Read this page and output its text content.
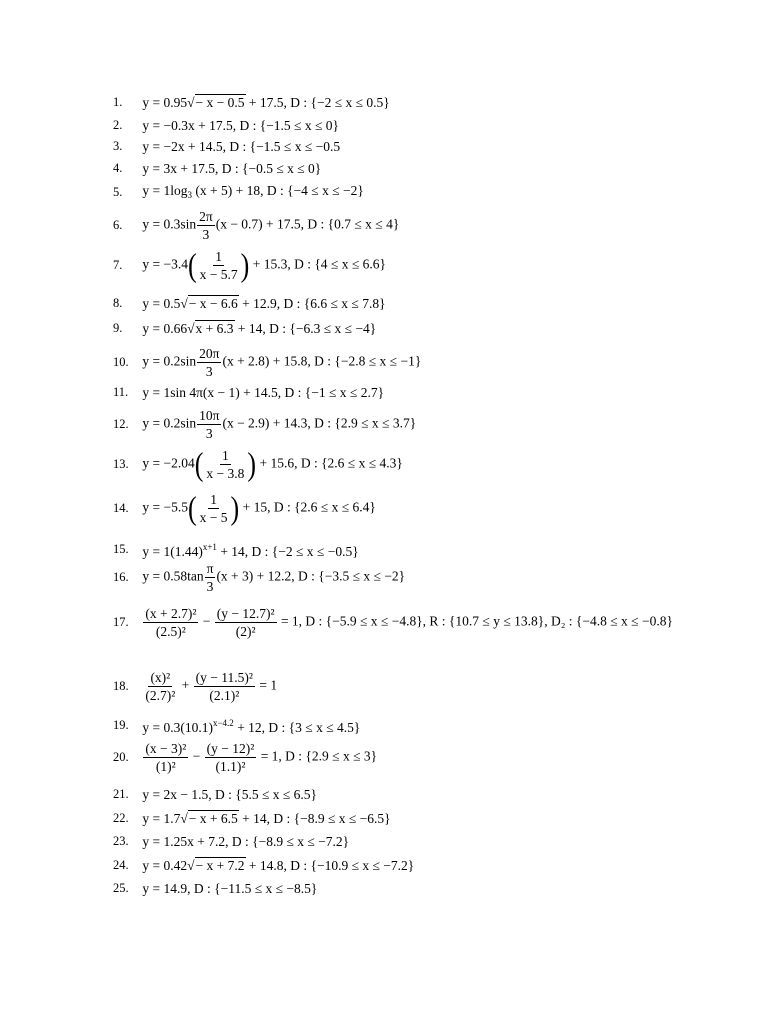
1. y = 0.95√− x − 0.5 + 17.5, D : {−2 ≤ x ≤ 0.5}
2. y = −0.3x + 17.5, D : {−1.5 ≤ x ≤ 0}
3. y = −2x + 14.5, D : {−1.5 ≤ x ≤ −0.5
4. y = 3x + 17.5, D : {−0.5 ≤ x ≤ 0}
5. $y = 1\log_3$ (x + 5) + 18, D : {−4 ≤ x ≤ −2}
6. $y = 0.3\sin \frac{2\pi}{3} (x - 0.7) + 17.5$, D : {0.7 ≤ x ≤ 4}
7. $y = -3.4( \frac{1}{x - 5.7}$ ) + 15.3, D : {4 ≤ x ≤ 6.6}
8. y = 0.5√− x − 6.6 + 12.9, D : {6.6 ≤ x ≤ 7.8}
9. y = 0.66√x + 6.3 + 14, D : {−6.3 ≤ x ≤ −4}
10. $y = 0.2\sin \frac{20\pi}{3} (x + 2.8) + 15.8$, D : {−2.8 ≤ x ≤ −1}
11. y = 1sin 4π(x − 1) + 14.5, D : {−1 ≤ x ≤ 2.7}
12. $y = 0.2\sin \frac{10\pi}{3} (x - 2.9) + 14.3$, D : {2.9 ≤ x ≤ 3.7}
13. $y = -2.04( \frac{1}{x - 3.8}$ ) + 15.6, D : {2.6 ≤ x ≤ 4.3}
14. $y = -5.5( \frac{1}{x - 5}$ ) + 15, D : {2.6 ≤ x ≤ 6.4}
15. $y = 1(1.44)^{x+1} + 14$, D : {−2 ≤ x ≤ −0.5}
16. $y = 0.58\tan \frac{\pi}{3} (x + 3) + 12.2$, D : {−3.5 ≤ x ≤ −2}
17. $\frac{\text{(x + 2.7)²}}{\text{(2.5)²}} - \frac{\text{(y − 12.7)²}}{\text{(2)²}} = 1$, D : {−5.9 ≤ x ≤ −4.8}, R : {10.7 ≤ y ≤ 13.8}, D₂ : {−4.8 ≤ x ≤ −0.8}
18. $\frac{\text{(x)²}}{\text{(2.7)²}} + \frac{\text{(y − 11.5)²}}{\text{(2.1)²}} = 1$
19. $y = 0.3(10.1)^{x-4.2} + 12$, D : {3 ≤ x ≤ 4.5}
20. $\frac{\text{(x − 3)²}}{\text{(1)²}} - \frac{\text{(y − 12)²}}{\text{(1.1)²}} = 1$, D : {2.9 ≤ x ≤ 3}
21. y = 2x − 1.5, D : {5.5 ≤ x ≤ 6.5}
22. y = 1.7√− x + 6.5 + 14, D : {−8.9 ≤ x ≤ −6.5}
23. y = 1.25x + 7.2, D : {−8.9 ≤ x ≤ −7.2}
24. y = 0.42√− x + 7.2 + 14.8, D : {−10.9 ≤ x ≤ −7.2}
25. y = 14.9, D : {−11.5 ≤ x ≤ −8.5}
